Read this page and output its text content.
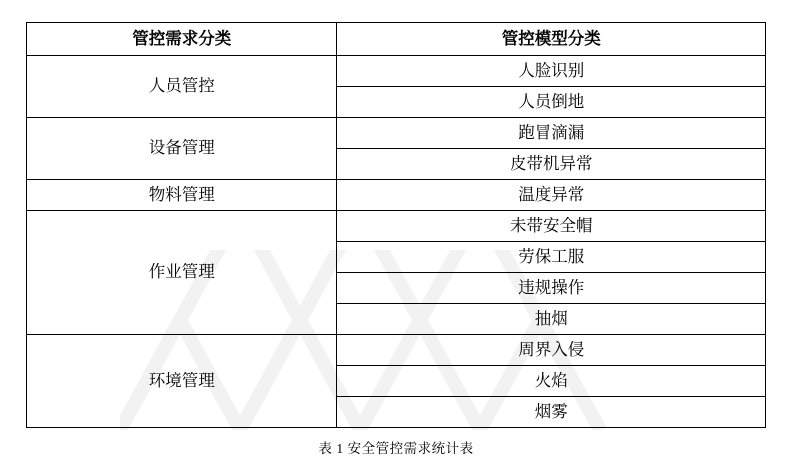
管控需求分类	管控模型分类
人员管控	人脸识别
	人员倒地
设备管理	跑冒滴漏
	皮带机异常
物料管理	温度异常
作业管理	未带安全帽
	劳保工服
	违规操作
	抽烟
环境管理	周界入侵
	火焰
	烟雾
表 1 安全管控需求统计表
